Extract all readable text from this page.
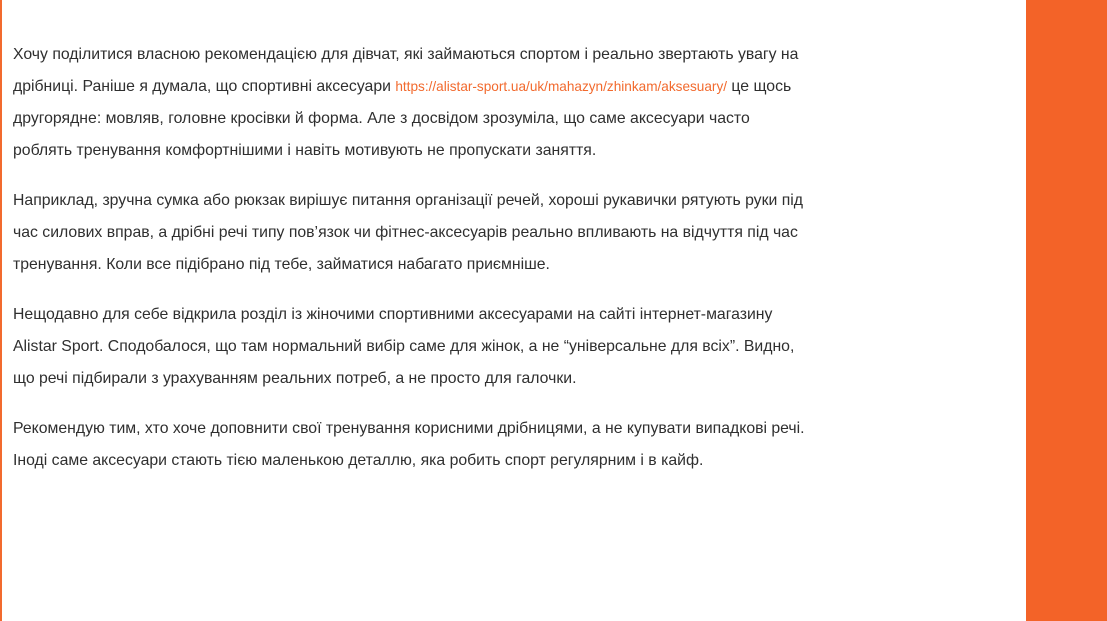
Хочу поділитися власною рекомендацією для дівчат, які займаються спортом і реально звертають увагу на
дрібниці. Раніше я думала, що спортивні аксесуари https://alistar-sport.ua/uk/mahazyn/zhinkam/aksesuary/ це щось
другорядне: мовляв, головне кросівки й форма. Але з досвідом зрозуміла, що саме аксесуари часто
роблять тренування комфортнішими і навіть мотивують не пропускати заняття.

Наприклад, зручна сумка або рюкзак вирішує питання організації речей, хороші рукавички рятують руки під
час силових вправ, а дрібні речі типу пов’язок чи фітнес-аксесуарів реально впливають на відчуття під час
тренування. Коли все підібрано під тебе, займатися набагато приємніше.

Нещодавно для себе відкрила розділ із жіночими спортивними аксесуарами на сайті інтернет-магазину
Alistar Sport. Сподобалося, що там нормальний вибір саме для жінок, а не “універсальне для всіх”. Видно,
що речі підбирали з урахуванням реальних потреб, а не просто для галочки.

Рекомендую тим, хто хоче доповнити свої тренування корисними дрібницями, а не купувати випадкові речі.
Іноді саме аксесуари стають тією маленькою деталлю, яка робить спорт регулярним і в кайф.
